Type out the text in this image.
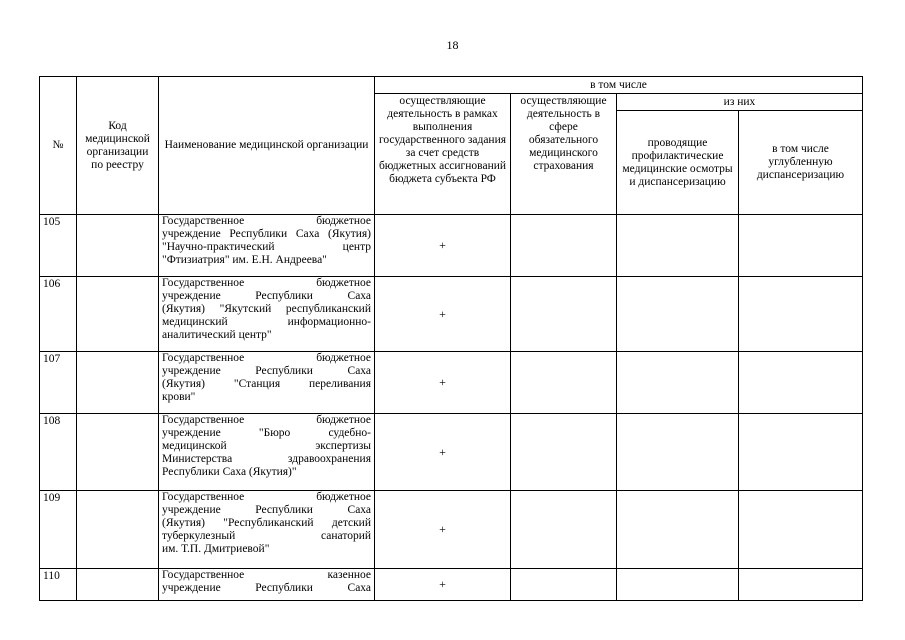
18
№	Код медицинской организации по реестру	Наименование медицинской организации	в том числе			
			осуществляющие деятельность в рамках выполнения государственного задания за счет средств бюджетных ассигнований бюджета субъекта РФ	осуществляющие деятельность в сфере обязательного медицинского страхования	из них	
					проводящие профилактические медицинские осмотры и диспансеризацию	в том числе углубленную диспансеризацию
105		Государственное бюджетное
учреждение Республики Саха (Якутия)
"Научно-практический центр
"Фтизиатрия" им. Е.Н. Андреева"	+			
106		Государственное бюджетное
учреждение Республики Саха
(Якутия) "Якутский республиканский
медицинский информационно-
аналитический центр"	+			
107		Государственное бюджетное
учреждение Республики Саха
(Якутия) "Станция переливания
крови"	+			
108		Государственное бюджетное
учреждение "Бюро судебно-
медицинской экспертизы
Министерства здравоохранения
Республики Саха (Якутия)"	+			
109		Государственное бюджетное
учреждение Республики Саха
(Якутия) "Республиканский детский
туберкулезный санаторий
им. Т.П. Дмитриевой"	+			
110		Государственное казенное
учреждение Республики Саха	+			
